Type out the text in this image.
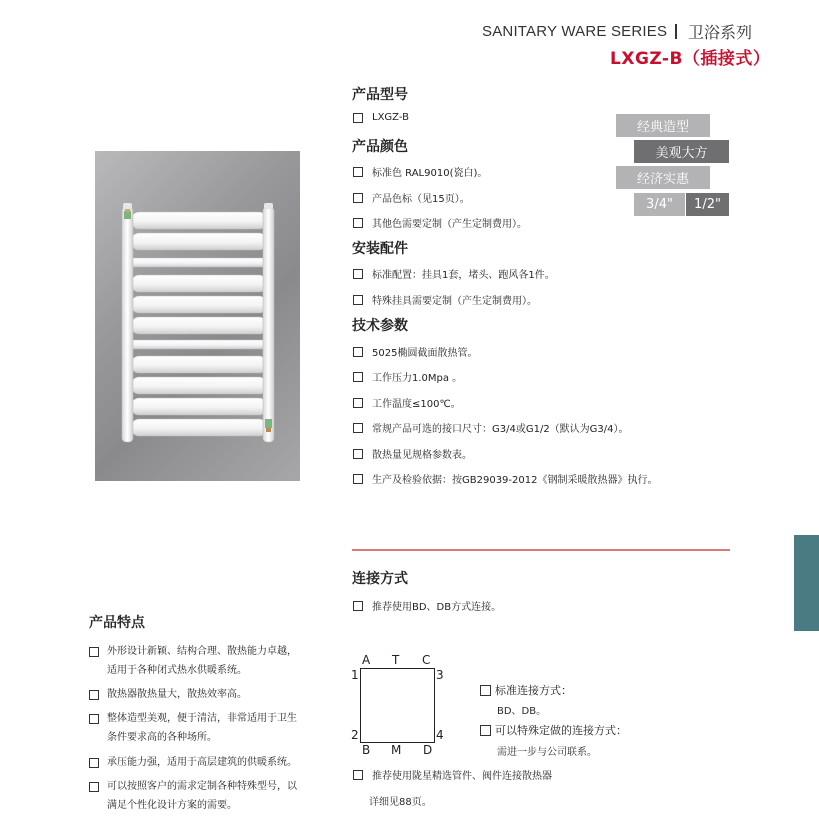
SANITARY WARE SERIES 卫浴系列
LXGZ-B（插接式）
产品型号
LXGZ-B
产品颜色
标准色 RAL9010(瓷白)。
产品色标（见15页）。
其他色需要定制（产生定制费用）。
安装配件
标准配置：挂具1套，堵头、跑风各1件。
特殊挂具需要定制（产生定制费用）。
技术参数
5025椭圆截面散热管。
工作压力1.0Mpa 。
工作温度≤100℃。
常规产品可选的接口尺寸：G3/4或G1/2（默认为G3/4）。
散热量见规格参数表。
生产及检验依据：按GB29039-2012《钢制采暖散热器》执行。
经典造型
美观大方
经济实惠
3/4"	1/2"
连接方式
推荐使用BD、DB方式连接。
A T C
B M D
1
2
3
4
标准连接方式：
BD、DB。
可以特殊定做的连接方式：
需进一步与公司联系。
推荐使用陇星精选管件、阀件连接散热器
详细见88页。
产品特点
外形设计新颖、结构合理、散热能力卓越，
适用于各种闭式热水供暖系统。
散热器散热量大，散热效率高。
整体造型美观，便于清洁，非常适用于卫生
条件要求高的各种场所。
承压能力强，适用于高层建筑的供暖系统。
可以按照客户的需求定制各种特殊型号，以
满足个性化设计方案的需要。
